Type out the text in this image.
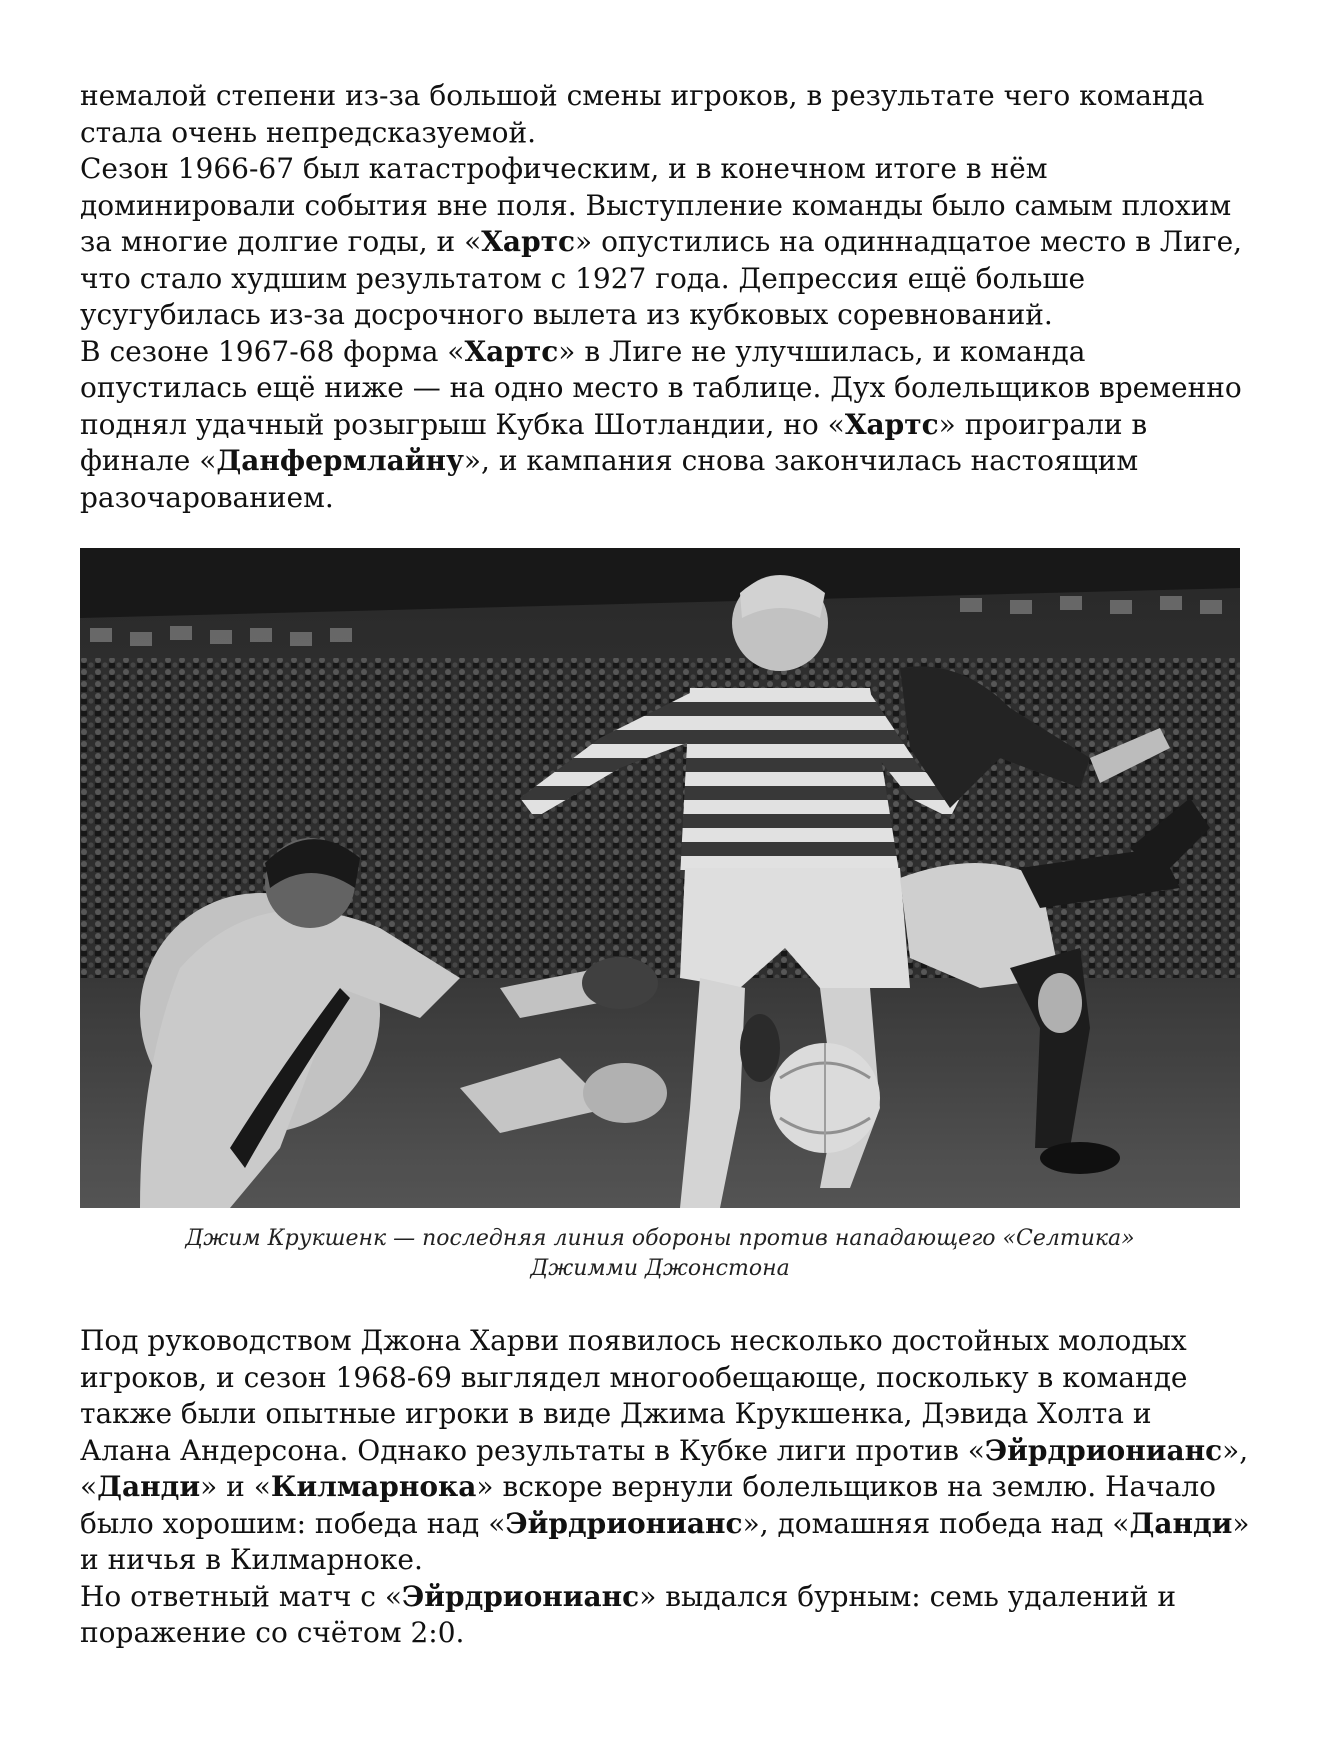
немалой степени из-за большой смены игроков, в результате чего команда стала очень непредсказуемой.
Сезон 1966-67 был катастрофическим, и в конечном итоге в нём доминировали события вне поля. Выступление команды было самым плохим за многие долгие годы, и «Хартс» опустились на одиннадцатое место в Лиге, что стало худшим результатом с 1927 года. Депрессия ещё больше усугубилась из-за досрочного вылета из кубковых соревнований.
В сезоне 1967-68 форма «Хартс» в Лиге не улучшилась, и команда опустилась ещё ниже — на одно место в таблице. Дух болельщиков временно поднял удачный розыгрыш Кубка Шотландии, но «Хартс» проиграли в финале «Данфермлайну», и кампания снова закончилась настоящим разочарованием.

Джим Крукшенк — последняя линия обороны против нападающего «Селтика»
Джимми Джонстона

Под руководством Джона Харви появилось несколько достойных молодых игроков, и сезон 1968-69 выглядел многообещающе, поскольку в команде также были опытные игроки в виде Джима Крукшенка, Дэвида Холта и Алана Андерсона. Однако результаты в Кубке лиги против «Эйрдрионианс», «Данди» и «Килмарнока» вскоре вернули болельщиков на землю. Начало было хорошим: победа над «Эйрдрионианс», домашняя победа над «Данди» и ничья в Килмарноке.
Но ответный матч с «Эйрдрионианс» выдался бурным: семь удалений и поражение со счётом 2:0.
